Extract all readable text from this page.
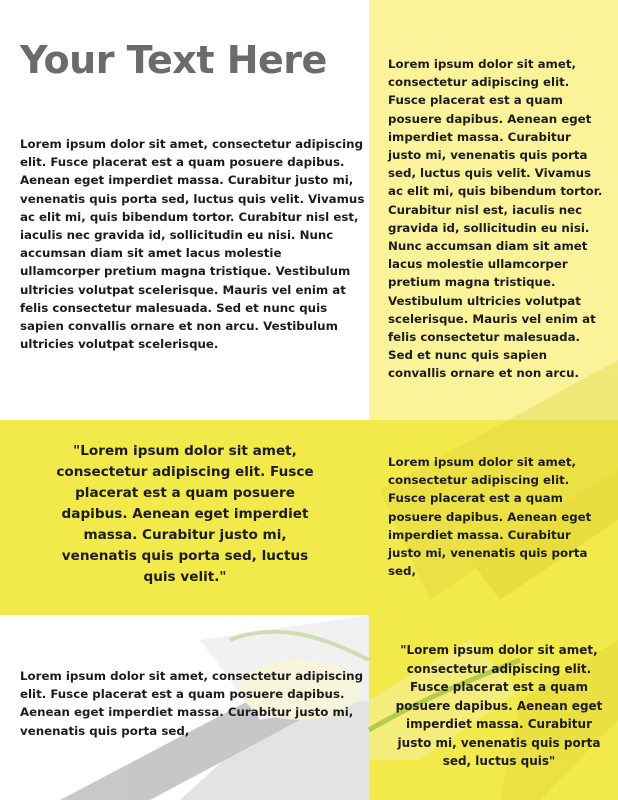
Your Text Here
Lorem ipsum dolor sit amet, consectetur adipiscing elit. Fusce placerat est a quam posuere dapibus. Aenean eget imperdiet massa. Curabitur justo mi, venenatis quis porta sed, luctus quis velit. Vivamus ac elit mi, quis bibendum tortor. Curabitur nisl est, iaculis nec gravida id, sollicitudin eu nisi. Nunc accumsan diam sit amet lacus molestie ullamcorper pretium magna tristique. Vestibulum ultricies volutpat scelerisque. Mauris vel enim at felis consectetur malesuada. Sed et nunc quis sapien convallis ornare et non arcu. Vestibulum ultricies volutpat scelerisque.
Lorem ipsum dolor sit amet, consectetur adipiscing elit. Fusce placerat est a quam posuere dapibus. Aenean eget imperdiet massa. Curabitur justo mi, venenatis quis porta sed, luctus quis velit. Vivamus ac elit mi, quis bibendum tortor. Curabitur nisl est, iaculis nec gravida id, sollicitudin eu nisi. Nunc accumsan diam sit amet lacus molestie ullamcorper pretium magna tristique. Vestibulum ultricies volutpat scelerisque. Mauris vel enim at felis consectetur malesuada. Sed et nunc quis sapien convallis ornare et non arcu.
"Lorem ipsum dolor sit amet, consectetur adipiscing elit. Fusce placerat est a quam posuere dapibus. Aenean eget imperdiet massa. Curabitur justo mi, venenatis quis porta sed, luctus quis velit."
Lorem ipsum dolor sit amet, consectetur adipiscing elit. Fusce placerat est a quam posuere dapibus. Aenean eget imperdiet massa. Curabitur justo mi, venenatis quis porta sed,
Lorem ipsum dolor sit amet, consectetur adipiscing elit. Fusce placerat est a quam posuere dapibus. Aenean eget imperdiet massa. Curabitur justo mi, venenatis quis porta sed,
"Lorem ipsum dolor sit amet, consectetur adipiscing elit. Fusce placerat est a quam posuere dapibus. Aenean eget imperdiet massa. Curabitur justo mi, venenatis quis porta sed, luctus quis"
